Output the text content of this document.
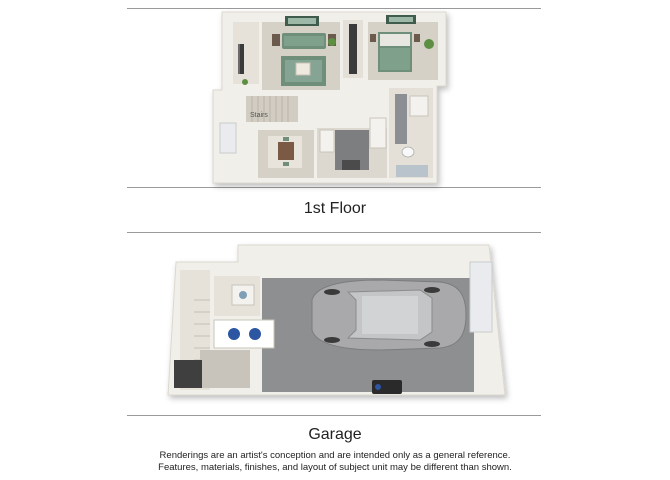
Stairs
1st Floor
Garage
Renderings are an artist's conception and are intended only as a general reference.
Features, materials, finishes, and layout of subject unit may be different than shown.
